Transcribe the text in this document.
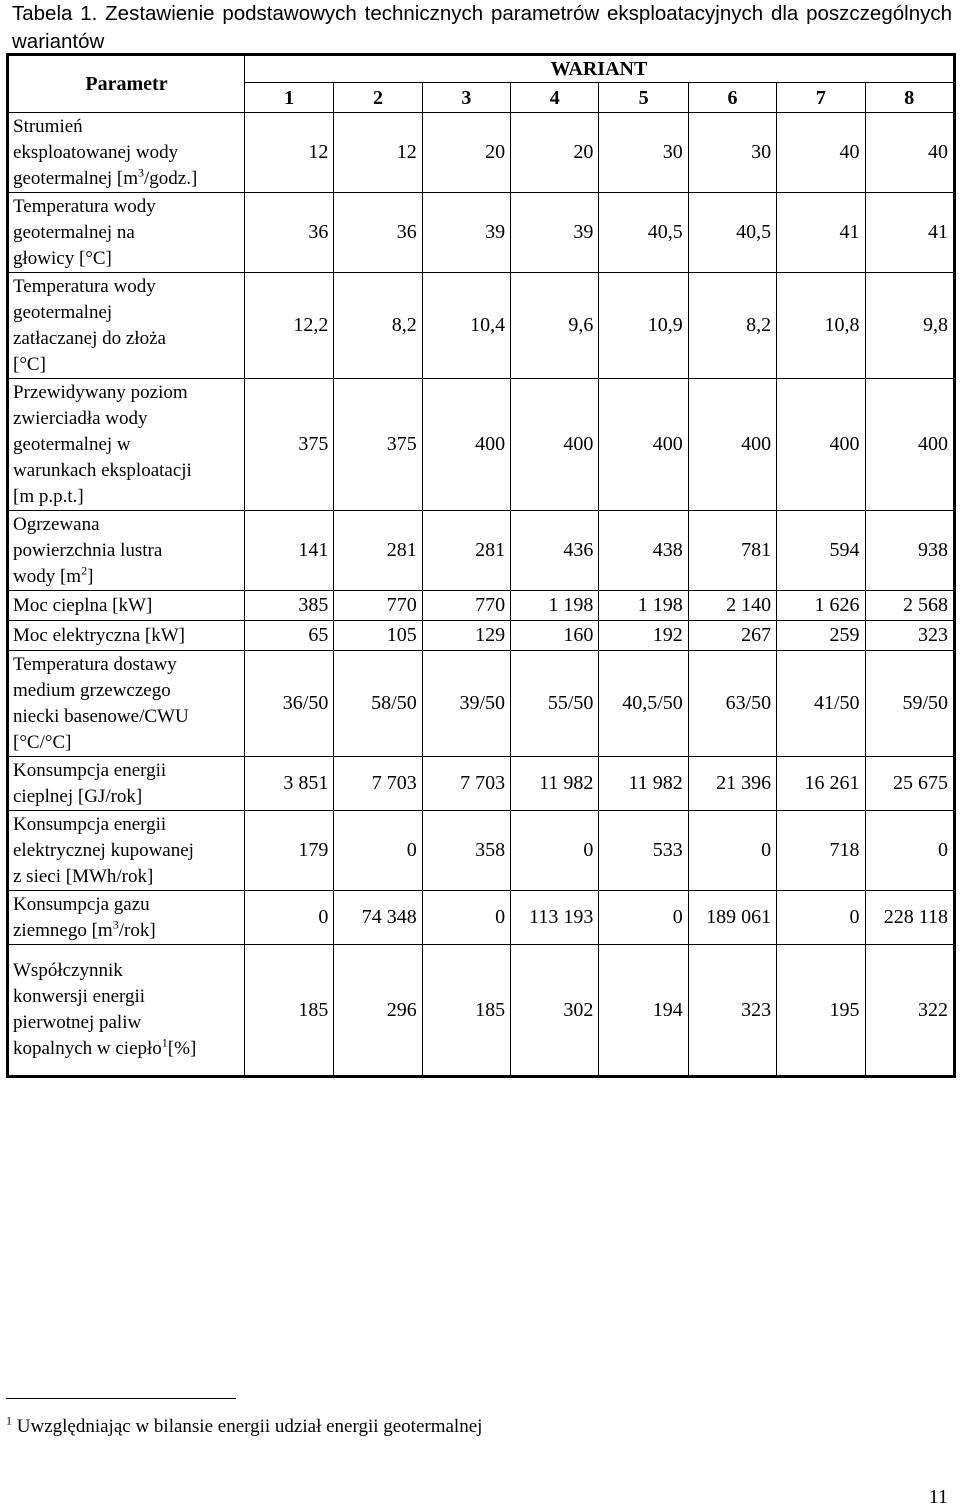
Tabela 1. Zestawienie podstawowych technicznych parametrów eksploatacyjnych dla poszczególnych wariantów
Parametr	WARIANT							
	1	2	3	4	5	6	7	8

Strumień
eksploatowanej wody
geotermalnej $[m^3/godz.]$	12	12	20	20	30	30	40	40

Temperatura wody
geotermalnej na
głowicy [°C]	36	36	39	39	40,5	40,5	41	41

Temperatura wody
geotermalnej
zatłaczanej do złoża
[°C]	12,2	8,2	10,4	9,6	10,9	8,2	10,8	9,8

Przewidywany poziom
zwierciadła wody
geotermalnej w
warunkach eksploatacji
[m p.p.t.]	375	375	400	400	400	400	400	400

Ogrzewana
powierzchnia lustra
wody $[m^2]$	141	281	281	436	438	781	594	938

Moc cieplna [kW]	385	770	770	1 198	1 198	2 140	1 626	2 568

Moc elektryczna [kW]	65	105	129	160	192	267	259	323

Temperatura dostawy
medium grzewczego
niecki basenowe/CWU
[°C/°C]	36/50	58/50	39/50	55/50	40,5/50	63/50	41/50	59/50

Konsumpcja energii
cieplnej [GJ/rok]	3 851	7 703	7 703	11 982	11 982	21 396	16 261	25 675

Konsumpcja energii
elektrycznej kupowanej
z sieci [MWh/rok]	179	0	358	0	533	0	718	0

Konsumpcja gazu
ziemnego $[m^3/rok]$	0	74 348	0	113 193	0	189 061	0	228 118

Współczynnik
konwersji energii
pierwotnej paliw
kopalnych w ciepło$^1$[%]	185	296	185	302	194	323	195	322
$^1$ Uwzględniając w bilansie energii udział energii geotermalnej
11
